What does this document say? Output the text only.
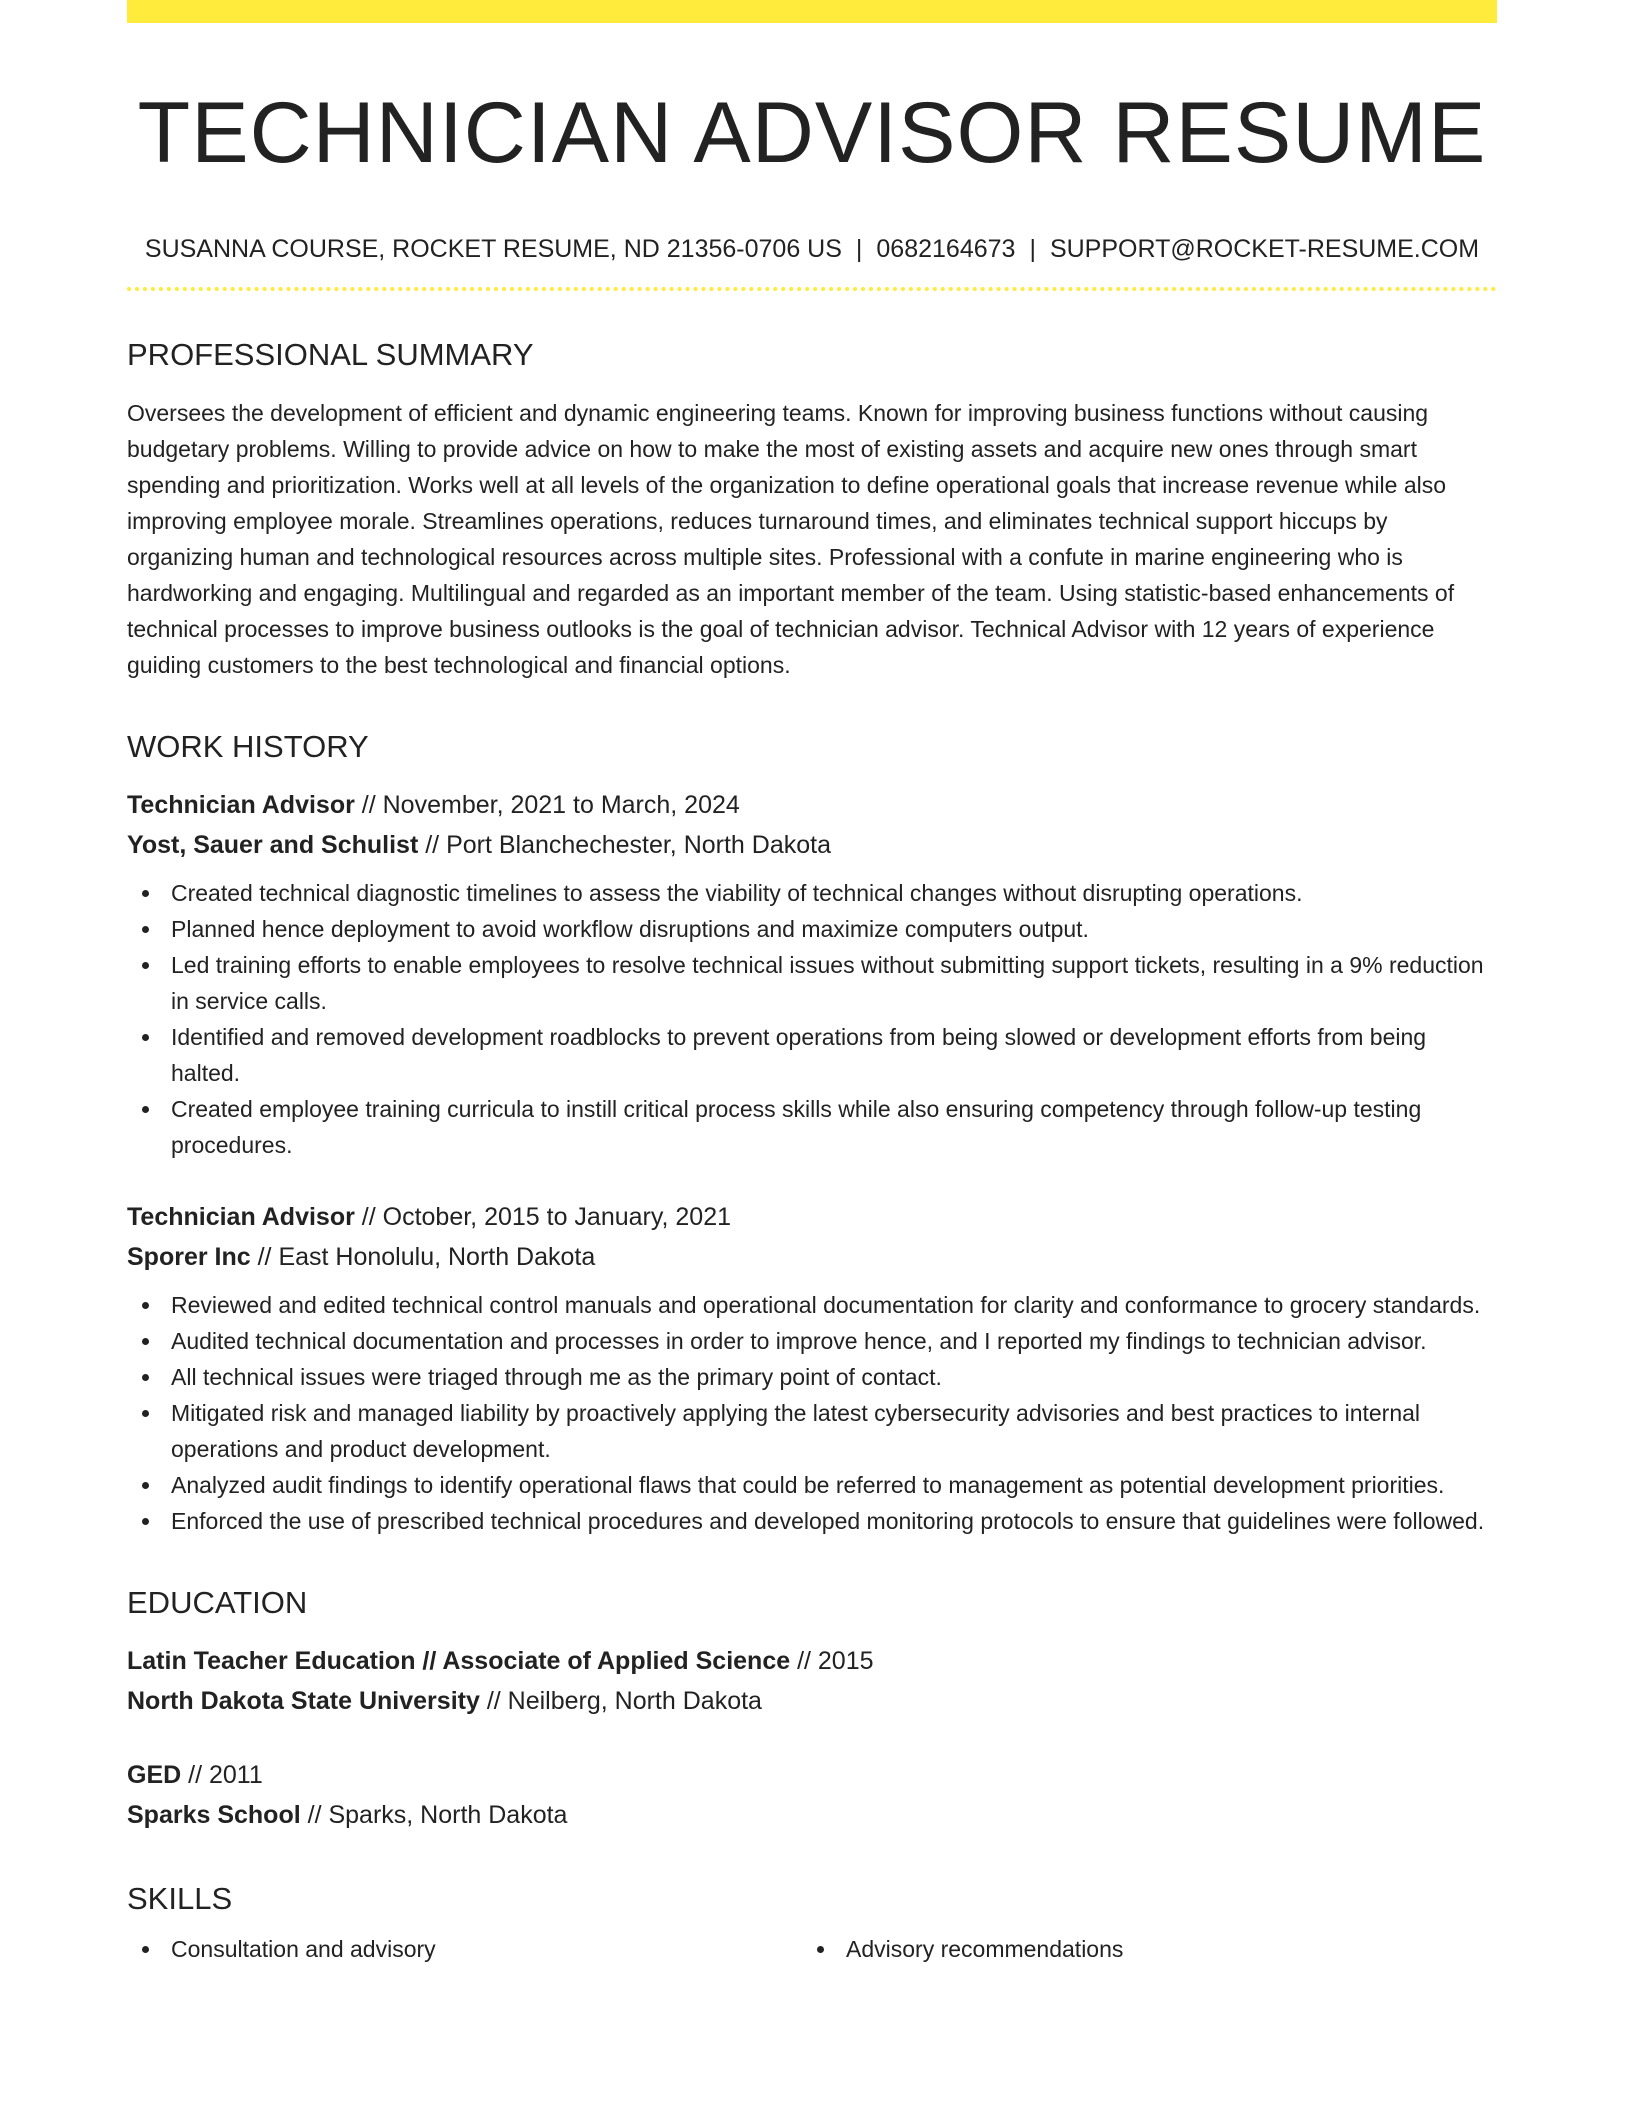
TECHNICIAN ADVISOR RESUME
SUSANNA COURSE, ROCKET RESUME, ND 21356-0706 US | 0682164673 | SUPPORT@ROCKET-RESUME.COM
PROFESSIONAL SUMMARY

Oversees the development of efficient and dynamic engineering teams. Known for improving business functions without causing budgetary problems. Willing to provide advice on how to make the most of existing assets and acquire new ones through smart spending and prioritization. Works well at all levels of the organization to define operational goals that increase revenue while also improving employee morale. Streamlines operations, reduces turnaround times, and eliminates technical support hiccups by organizing human and technological resources across multiple sites. Professional with a confute in marine engineering who is hardworking and engaging. Multilingual and regarded as an important member of the team. Using statistic-based enhancements of technical processes to improve business outlooks is the goal of technician advisor. Technical Advisor with 12 years of experience guiding customers to the best technological and financial options.

WORK HISTORY
Technician Advisor // November, 2021 to March, 2024
Yost, Sauer and Schulist // Port Blanchechester, North Dakota
Created technical diagnostic timelines to assess the viability of technical changes without disrupting operations.
Planned hence deployment to avoid workflow disruptions and maximize computers output.
Led training efforts to enable employees to resolve technical issues without submitting support tickets, resulting in a 9% reduction in service calls.
Identified and removed development roadblocks to prevent operations from being slowed or development efforts from being halted.
Created employee training curricula to instill critical process skills while also ensuring competency through follow-up testing procedures.
Technician Advisor // October, 2015 to January, 2021
Sporer Inc // East Honolulu, North Dakota
Reviewed and edited technical control manuals and operational documentation for clarity and conformance to grocery standards.
Audited technical documentation and processes in order to improve hence, and I reported my findings to technician advisor.
All technical issues were triaged through me as the primary point of contact.
Mitigated risk and managed liability by proactively applying the latest cybersecurity advisories and best practices to internal operations and product development.
Analyzed audit findings to identify operational flaws that could be referred to management as potential development priorities.
Enforced the use of prescribed technical procedures and developed monitoring protocols to ensure that guidelines were followed.
EDUCATION
Latin Teacher Education // Associate of Applied Science // 2015
North Dakota State University // Neilberg, North Dakota
GED // 2011
Sparks School // Sparks, North Dakota
SKILLS
Consultation and advisory	Advisory recommendations
